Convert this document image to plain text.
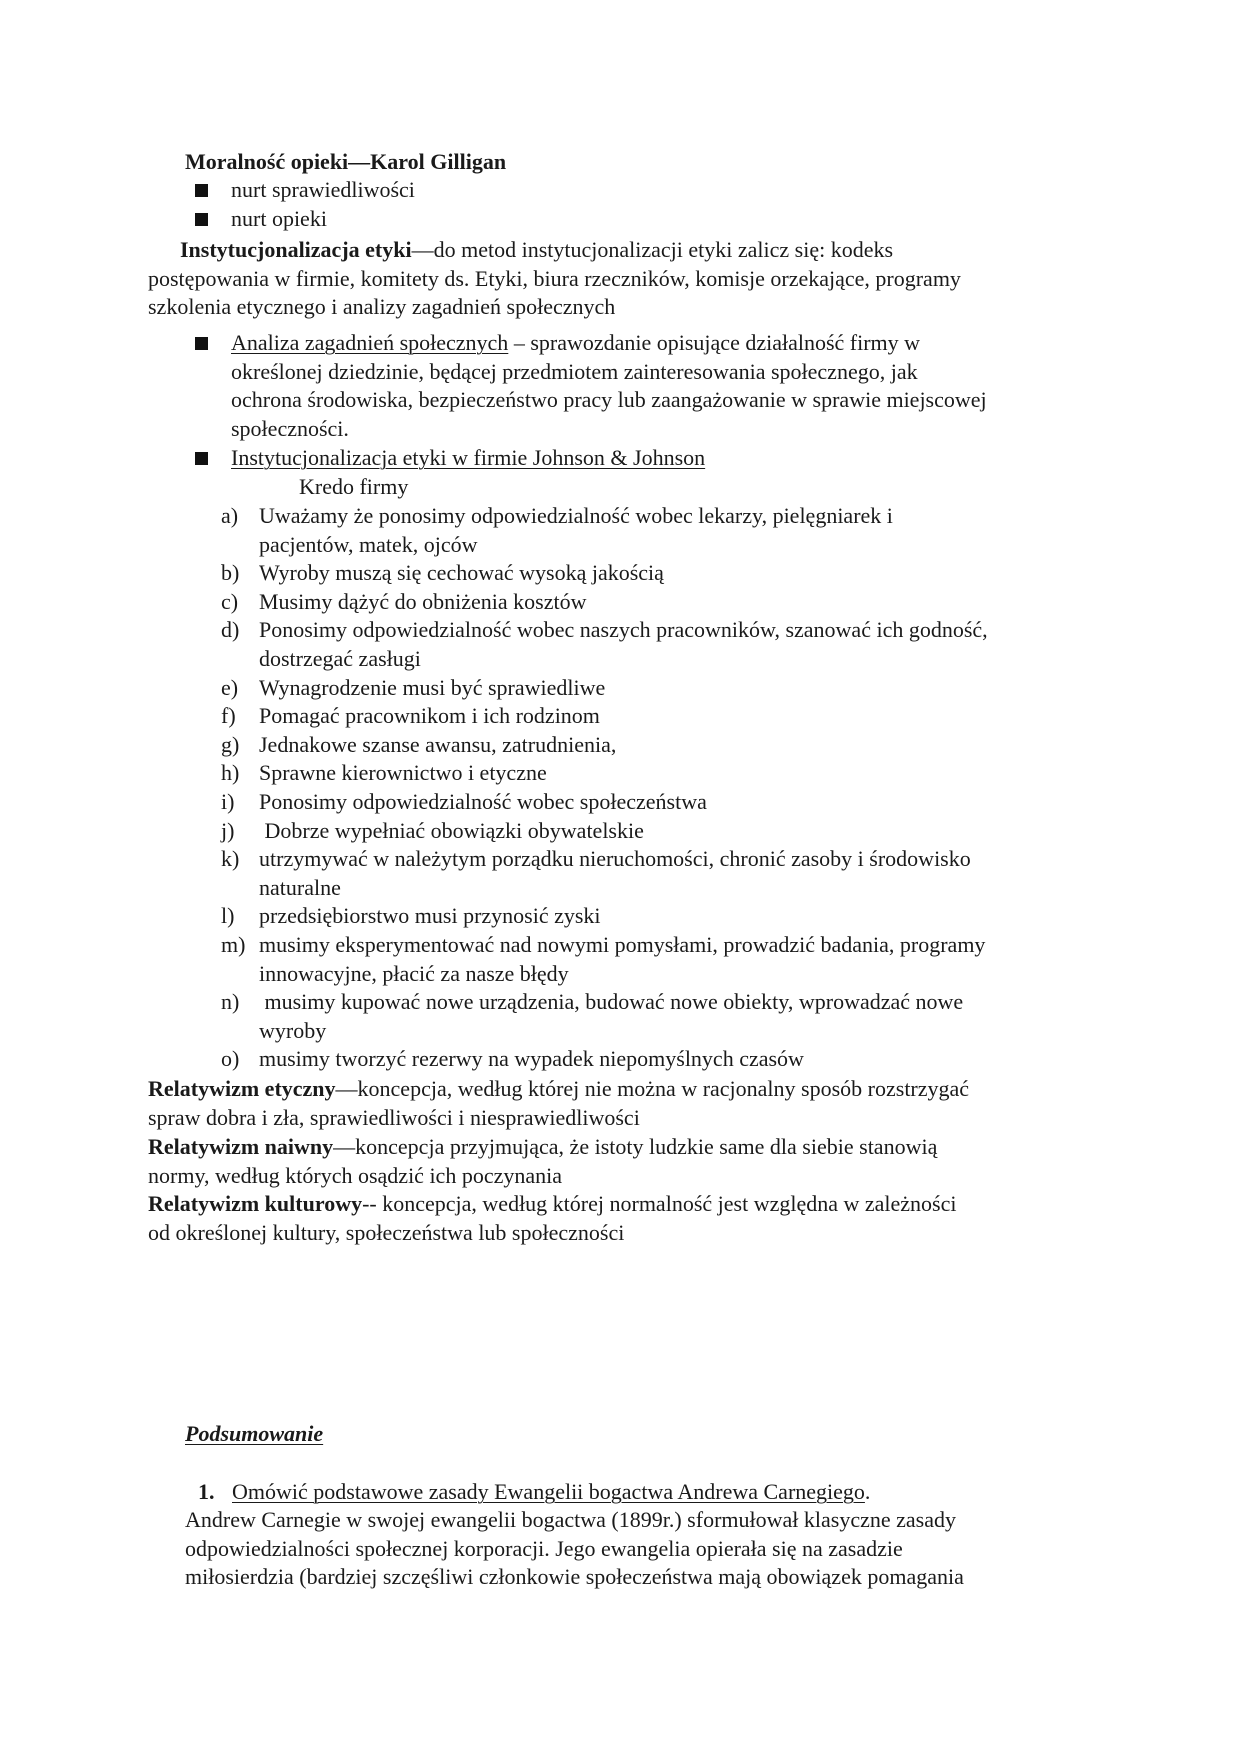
Moralność opieki—Karol Gilligan
nurt sprawiedliwości
nurt opieki
Instytucjonalizacja etyki—do metod instytucjonalizacji etyki zalicz się: kodeks
postępowania w firmie, komitety ds. Etyki, biura rzeczników, komisje orzekające, programy
szkolenia etycznego i analizy zagadnień społecznych
Analiza zagadnień społecznych – sprawozdanie opisujące działalność firmy w
określonej dziedzinie, będącej przedmiotem zainteresowania społecznego, jak
ochrona środowiska, bezpieczeństwo pracy lub zaangażowanie w sprawie miejscowej
społeczności.
Instytucjonalizacja etyki w firmie Johnson & Johnson
Kredo firmy
a) Uważamy że ponosimy odpowiedzialność wobec lekarzy, pielęgniarek i
pacjentów, matek, ojców
b) Wyroby muszą się cechować wysoką jakością
c) Musimy dążyć do obniżenia kosztów
d) Ponosimy odpowiedzialność wobec naszych pracowników, szanować ich godność,
dostrzegać zasługi
e) Wynagrodzenie musi być sprawiedliwe
f)	Pomagać pracownikom i ich rodzinom
g) Jednakowe szanse awansu, zatrudnienia,
h) Sprawne kierownictwo i etyczne
i)	Ponosimy odpowiedzialność wobec społeczeństwa
j)	Dobrze wypełniać obowiązki obywatelskie
k) utrzymywać w należytym porządku nieruchomości, chronić zasoby i środowisko
naturalne
l)	przedsiębiorstwo musi przynosić zyski
m) musimy eksperymentować nad nowymi pomysłami, prowadzić badania, programy
innowacyjne, płacić za nasze błędy
n) musimy kupować nowe urządzenia, budować nowe obiekty, wprowadzać nowe
wyroby
o) musimy tworzyć rezerwy na wypadek niepomyślnych czasów
Relatywizm etyczny—koncepcja, według której nie można w racjonalny sposób rozstrzygać
spraw dobra i zła, sprawiedliwości i niesprawiedliwości
Relatywizm naiwny—koncepcja przyjmująca, że istoty ludzkie same dla siebie stanowią
normy, według których osądzić ich poczynania
Relatywizm kulturowy-- koncepcja, według której normalność jest względna w zależności
od określonej kultury, społeczeństwa lub społeczności
Podsumowanie
1. Omówić podstawowe zasady Ewangelii bogactwa Andrewa Carnegiego.
Andrew Carnegie w swojej ewangelii bogactwa (1899r.) sformułował klasyczne zasady
odpowiedzialności społecznej korporacji. Jego ewangelia opierała się na zasadzie
miłosierdzia (bardziej szczęśliwi członkowie społeczeństwa mają obowiązek pomagania
